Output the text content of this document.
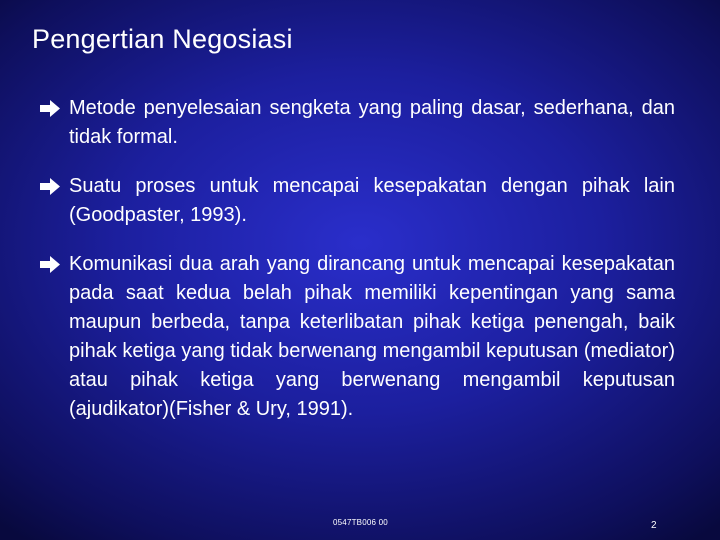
Pengertian Negosiasi
Metode penyelesaian sengketa yang paling dasar, sederhana, dan tidak formal.
Suatu proses untuk mencapai kesepakatan dengan pihak lain (Goodpaster, 1993).
Komunikasi dua arah yang dirancang untuk mencapai kesepakatan pada saat kedua belah pihak memiliki kepentingan yang sama maupun berbeda, tanpa keterlibatan pihak ketiga penengah, baik pihak ketiga yang tidak berwenang mengambil keputusan (mediator) atau pihak ketiga yang berwenang mengambil keputusan (ajudikator)(Fisher & Ury, 1991).
0547TB006 00	2
